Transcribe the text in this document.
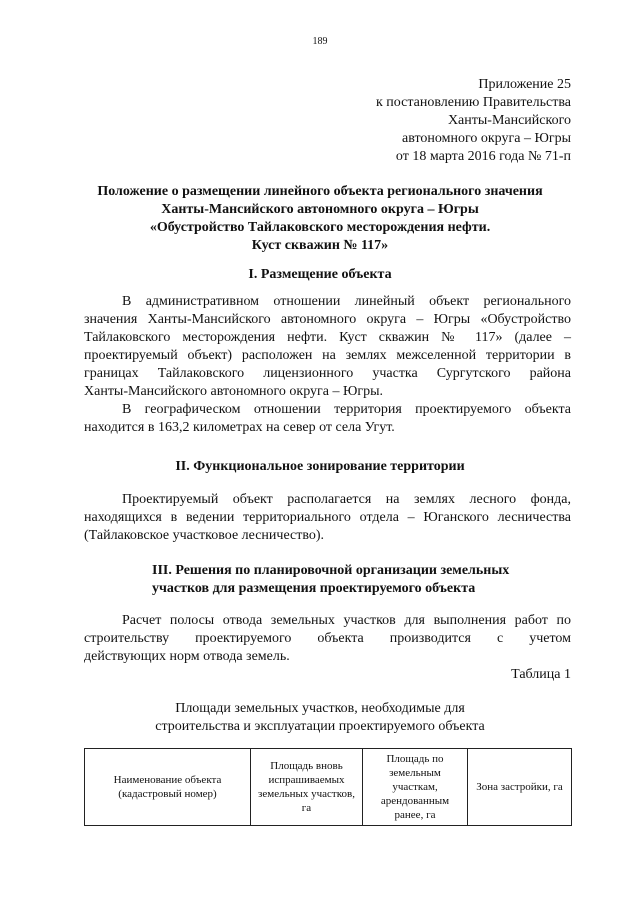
189
Приложение 25
к постановлению Правительства
Ханты-Мансийского
автономного округа – Югры
от 18 марта 2016 года № 71-п
Положение о размещении линейного объекта регионального значения
Ханты-Мансийского автономного округа – Югры
«Обустройство Тайлаковского месторождения нефти.
Куст скважин № 117»
I. Размещение объекта
В административном отношении линейный объект регионального
значения Ханты-Мансийского автономного округа – Югры «Обустройство
Тайлаковского месторождения нефти. Куст скважин № 117» (далее –
проектируемый объект) расположен на землях межселенной территории в
границах Тайлаковского лицензионного участка Сургутского района
Ханты-Мансийского автономного округа – Югры.
В географическом отношении территория проектируемого объекта
находится в 163,2 километрах на север от села Угут.
II. Функциональное зонирование территории
Проектируемый объект располагается на землях лесного фонда,
находящихся в ведении территориального отдела – Юганского лесничества
(Тайлаковское участковое лесничество).
III. Решения по планировочной организации земельных
участков для размещения проектируемого объекта
Расчет полосы отвода земельных участков для выполнения работ по
строительству проектируемого объекта производится с учетом
действующих норм отвода земель.
Таблица 1
Площади земельных участков, необходимые для
строительства и эксплуатации проектируемого объекта
Наименование объекта (кадастровый номер)	Площадь вновь испрашиваемых земельных участков, га	Площадь по земельным участкам, арендованным ранее, га	Зона застройки, га
